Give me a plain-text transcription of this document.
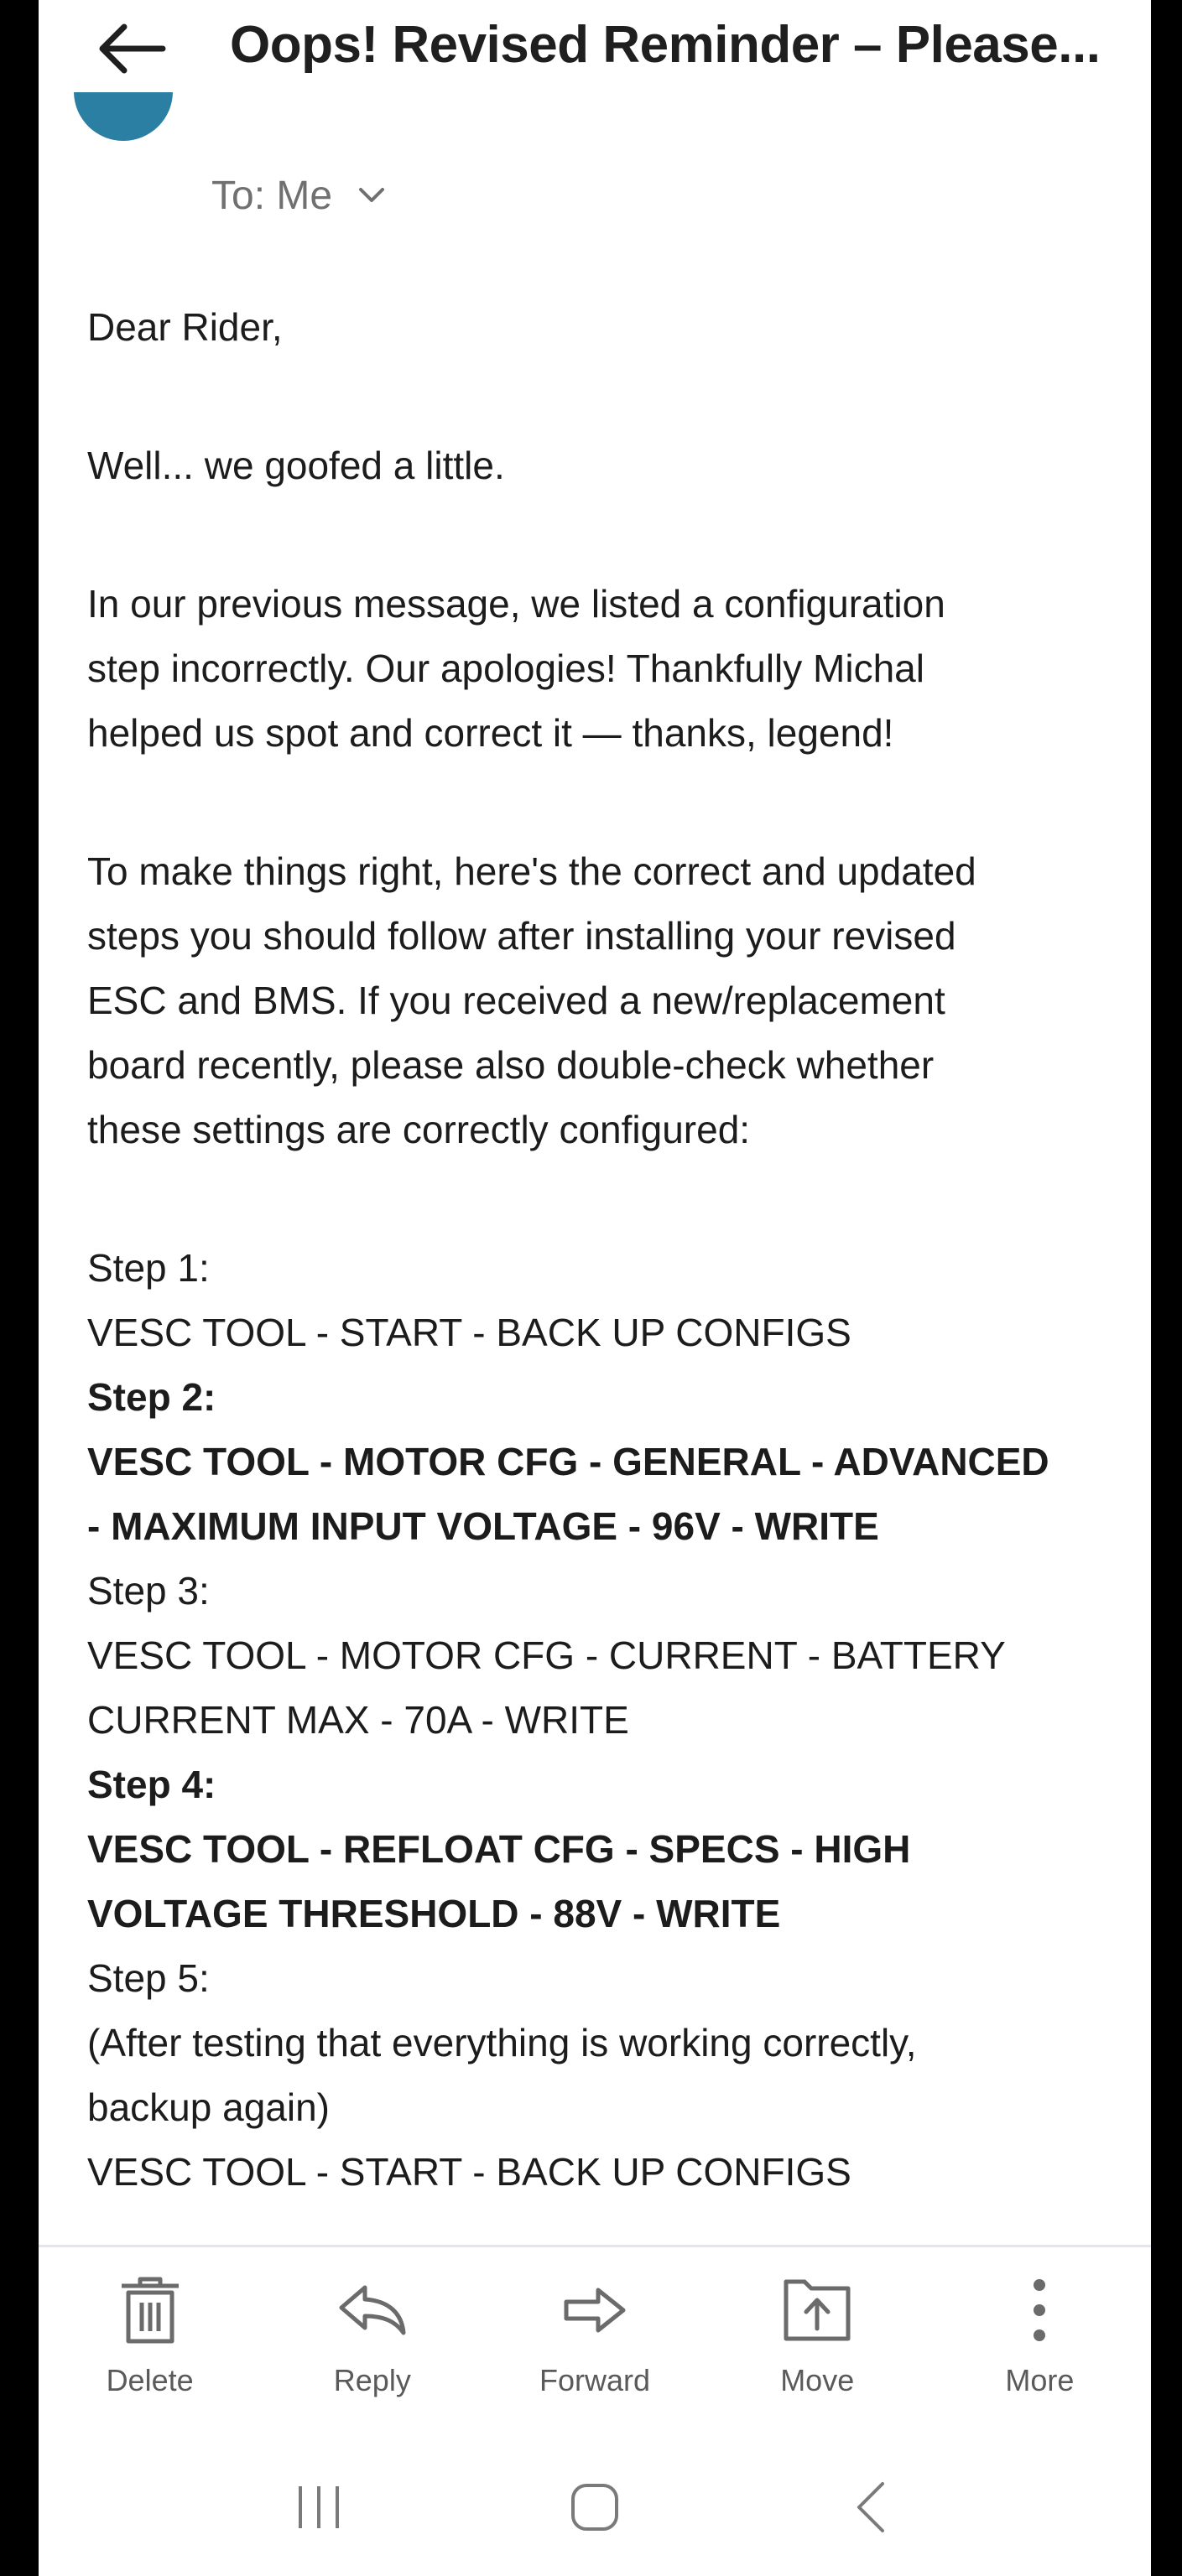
Oops! Revised Reminder – Please...
To: Me

Dear Rider,

Well... we goofed a little.

In our previous message, we listed a configuration

step incorrectly. Our apologies! Thankfully Michal

helped us spot and correct it — thanks, legend!

To make things right, here's the correct and updated

steps you should follow after installing your revised

ESC and BMS. If you received a new/replacement

board recently, please also double-check whether

these settings are correctly configured:

Step 1:

VESC TOOL - START - BACK UP CONFIGS

Step 2:

VESC TOOL - MOTOR CFG - GENERAL - ADVANCED

- MAXIMUM INPUT VOLTAGE - 96V - WRITE

Step 3:

VESC TOOL - MOTOR CFG - CURRENT - BATTERY

CURRENT MAX - 70A - WRITE

Step 4:

VESC TOOL - REFLOAT CFG - SPECS - HIGH

VOLTAGE THRESHOLD - 88V - WRITE

Step 5:

(After testing that everything is working correctly,

backup again)

VESC TOOL - START - BACK UP CONFIGS

Delete	Reply	Forward	Move	More
